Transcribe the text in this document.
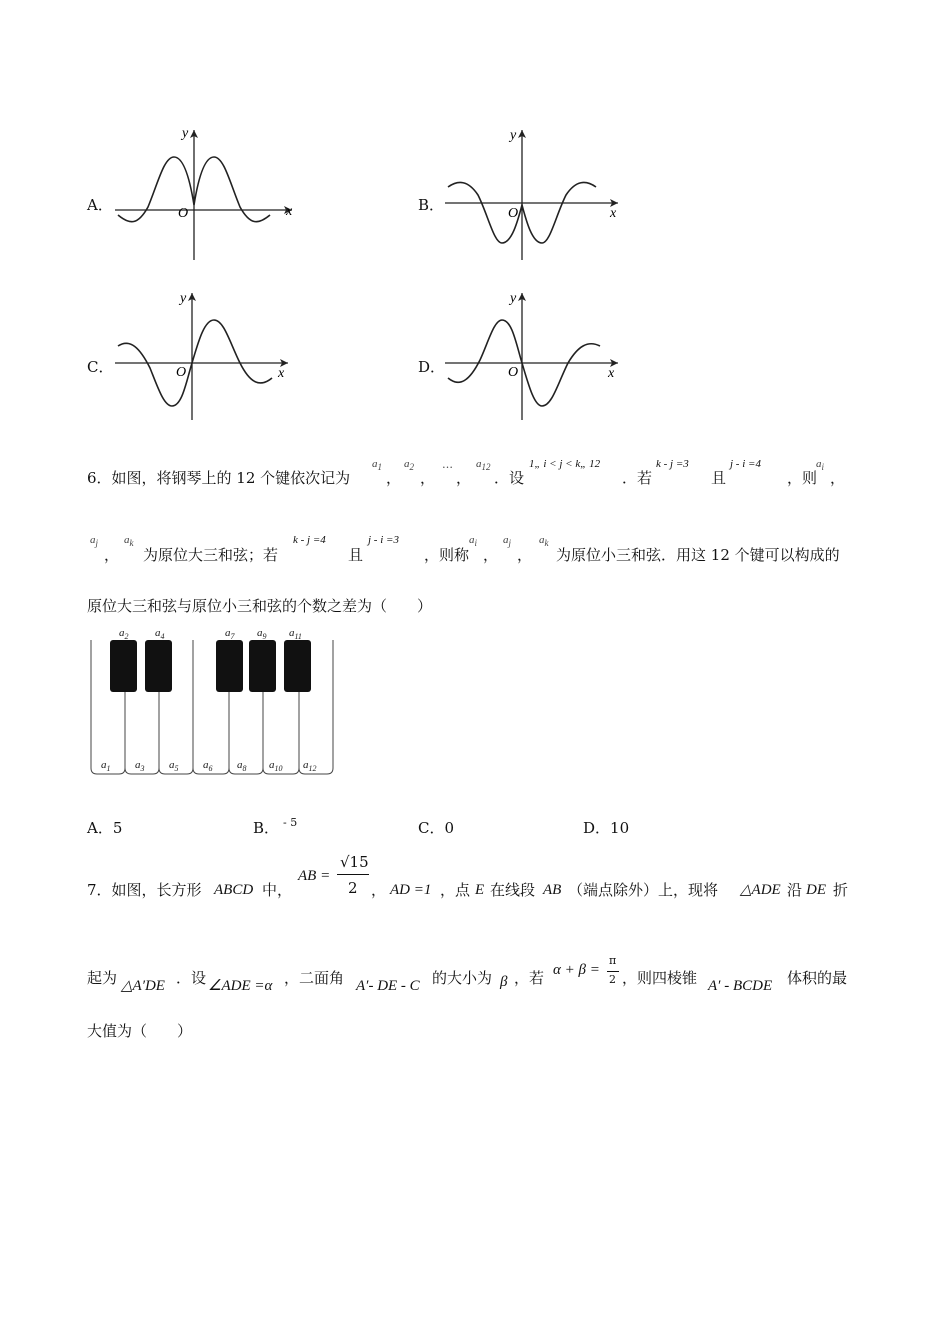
A．	x
y
O	B．	x
y
O
C．	x
y
O	D．	x
y
O
6．如图，将钢琴上的 12 个键依次记为
$a_1$
，
$a_2$
，
…
，
$a_{12}$
．设
1„ i < j < k„ 12
．若
k - j =3
且
j - i =4
，则
$a_i$
，
$a_j$
，
$a_k$
为原位大三和弦；若
k - j =4
且
j - i =3
，则称
$a_i$
，
$a_j$
，
$a_k$
为原位小三和弦．用这 12 个键可以构成的
原位大三和弦与原位小三和弦的个数之差为（　　）
$a_2$ $a_4$	$a_7$ $a_9$ $a_{11}$
$a_1$ $a_3$ $a_5$ $a_6$ $a_8$ $a_{10}$ $a_{12}$
A．5	B． - 5	C．0	D．10
7．如图，长方形 ABCD 中，
AB =
√15
2 ， AD =1 ，点 E 在线段 AB （端点除外）上，现将 △ADE 沿 DE 折
起为 △A′DE ．设 ∠ADE =α ，二面角 A′- DE - C 的大小为 β ，若 α + β =
π
2 ，则四棱锥 A′ - BCDE 体积的最
大值为（　　）
